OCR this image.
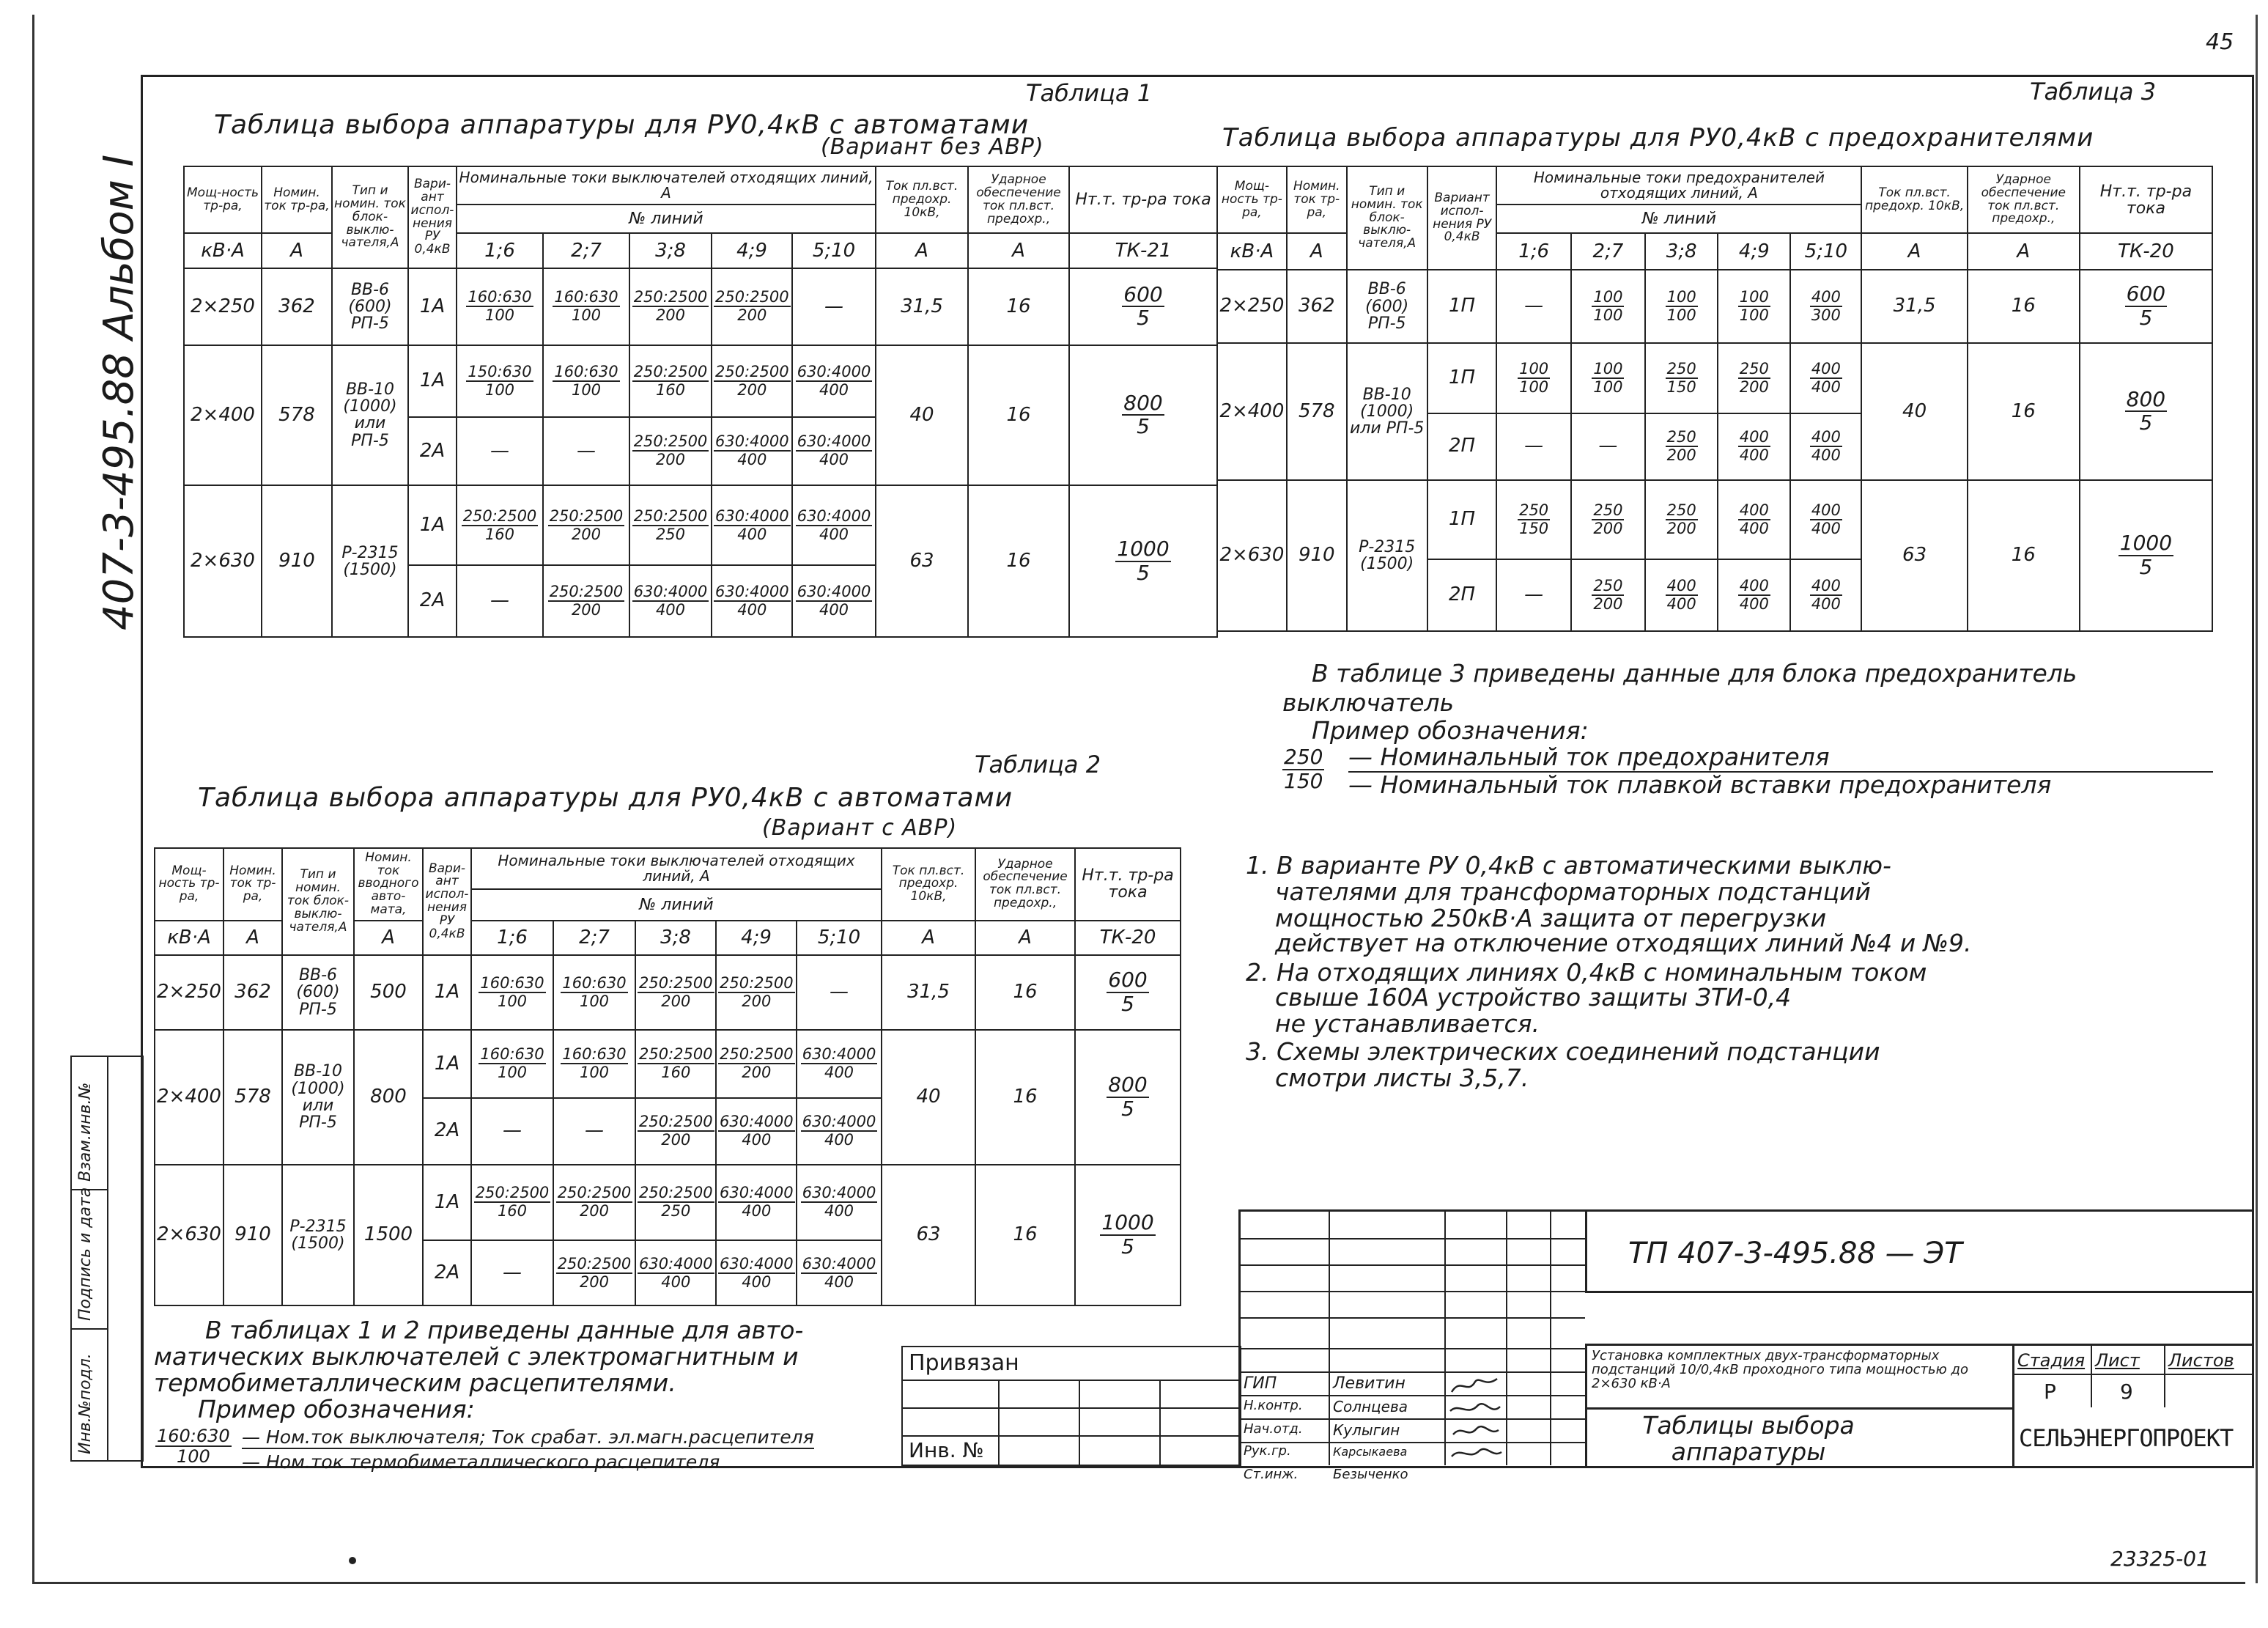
45
407-3-495.88 Альбом I
Инв.№подл.
Подпись и дата
Взам.инв.№
Таблица 1
Таблица выбора аппаратуры для РУ0,4кВ с автоматами
(Вариант без АВР)
Мощ-ность тр-ра,	Номин. ток тр-ра,	Тип и номин. ток блок-выклю-чателя,А	Вари-ант испол-нения РУ 0,4кВ	Номинальные токи выключателей отходящих линий, А					Ток пл.вст. предохр. 10кВ,	Ударное обеспечение ток пл.вст. предохр.,	Нт.т. тр-ра тока
				№ линий							
кВ·А	А			1;6	2;7	3;8	4;9	5;10	А	А	ТК-21
2×250	362	ВВ-6 (600) РП-5	1А	$\frac{160:630}{100}$	$\frac{160:630}{100}$	$\frac{250:2500}{200}$	$\frac{250:2500}{200}$	—	31,5	16	$\frac{600}{5}$

2×400	578	ВВ-10 (1000) или РП-5	1А	$\frac{150:630}{100}$	$\frac{160:630}{100}$	$\frac{250:2500}{160}$	$\frac{250:2500}{200}$	$\frac{630:4000}{400}$	40	16	$\frac{800}{5}$

			2А	—	—	$\frac{250:2500}{200}$	$\frac{630:4000}{400}$	$\frac{630:4000}{400}$

2×630	910	Р-2315 (1500)	1А	$\frac{250:2500}{160}$	$\frac{250:2500}{200}$	$\frac{250:2500}{250}$	$\frac{630:4000}{400}$	$\frac{630:4000}{400}$	63	16	$\frac{1000}{5}$

			2А	—	$\frac{250:2500}{200}$	$\frac{630:4000}{400}$	$\frac{630:4000}{400}$	$\frac{630:4000}{400}$
Таблица 3
Таблица выбора аппаратуры для РУ0,4кВ с предохранителями
Мощ-ность тр-ра,	Номин. ток тр-ра,	Тип и номин. ток блок-выклю-чателя,А	Вариант испол-нения РУ 0,4кВ	Номинальные токи предохранителей отходящих линий, А					Ток пл.вст. предохр. 10кВ,	Ударное обеспечение ток пл.вст. предохр.,	Нт.т. тр-ра тока
				№ линий							
кВ·А	А			1;6	2;7	3;8	4;9	5;10	А	А	ТК-20
2×250	362	ВВ-6 (600) РП-5	1П	—	$\frac{100}{100}$	$\frac{100}{100}$	$\frac{100}{100}$	$\frac{400}{300}$	31,5	16	$\frac{600}{5}$

2×400	578	ВВ-10 (1000) или РП-5	1П	$\frac{100}{100}$	$\frac{100}{100}$	$\frac{250}{150}$	$\frac{250}{200}$	$\frac{400}{400}$	40	16	$\frac{800}{5}$

			2П	—	—	$\frac{250}{200}$	$\frac{400}{400}$	$\frac{400}{400}$

2×630	910	Р-2315 (1500)	1П	$\frac{250}{150}$	$\frac{250}{200}$	$\frac{250}{200}$	$\frac{400}{400}$	$\frac{400}{400}$	63	16	$\frac{1000}{5}$

			2П	—	$\frac{250}{200}$	$\frac{400}{400}$	$\frac{400}{400}$	$\frac{400}{400}$
В таблице 3 приведены данные для блока предохранитель
выключатель
Пример обозначения:
$\frac{250}{150}$ — Номинальный ток предохранителя
— Номинальный ток плавкой вставки предохранителя
1. В варианте РУ 0,4кВ с автоматическими выклю-
чателями для трансформаторных подстанций
мощностью 250кВ·А защита от перегрузки
действует на отключение отходящих линий №4 и №9.
2. На отходящих линиях 0,4кВ с номинальным током
свыше 160А устройство защиты ЗТИ-0,4
не устанавливается.
3. Схемы электрических соединений подстанции
смотри листы 3,5,7.
Таблица 2
Таблица выбора аппаратуры для РУ0,4кВ с автоматами
(Вариант с АВР)
Мощ-ность тр-ра,	Номин. ток тр-ра,	Тип и номин. ток блок-выклю-чателя,А	Номин. ток вводного авто-мата,	Вари-ант испол-нения РУ 0,4кВ	Номинальные токи выключателей отходящих линий, А					Ток пл.вст. предохр. 10кВ,	Ударное обеспечение ток пл.вст. предохр.,	Нт.т. тр-ра тока
					№ линий							
кВ·А	А		А		1;6	2;7	3;8	4;9	5;10	А	А	ТК-20
2×250	362	ВВ-6 (600) РП-5	500	1А	$\frac{160:630}{100}$	$\frac{160:630}{100}$	$\frac{250:2500}{200}$	$\frac{250:2500}{200}$	—	31,5	16	$\frac{600}{5}$

2×400	578	ВВ-10 (1000) или РП-5	800	1А	$\frac{160:630}{100}$	$\frac{160:630}{100}$	$\frac{250:2500}{160}$	$\frac{250:2500}{200}$	$\frac{630:4000}{400}$	40	16	$\frac{800}{5}$

				2А	—	—	$\frac{250:2500}{200}$	$\frac{630:4000}{400}$	$\frac{630:4000}{400}$

2×630	910	Р-2315 (1500)	1500	1А	$\frac{250:2500}{160}$	$\frac{250:2500}{200}$	$\frac{250:2500}{250}$	$\frac{630:4000}{400}$	$\frac{630:4000}{400}$	63	16	$\frac{1000}{5}$

				2А	—	$\frac{250:2500}{200}$	$\frac{630:4000}{400}$	$\frac{630:4000}{400}$	$\frac{630:4000}{400}$
В таблицах 1 и 2 приведены данные для авто-
матических выключателей с электромагнитным и
термобиметаллическим расцепителями.
Пример обозначения:
$\frac{160:630}{100}$ — Ном.ток выключателя; Ток срабат. эл.магн.расцепителя
— Ном.ток термобиметаллического расцепителя
Привязан
Инв. №
ГИП	Левитин
Н.контр. Солнцева
Нач.отд. Кулыгин
Рук.гр.	Карсыкаева
Ст.инж.	Безыченко
ТП 407-3-495.88 — ЭТ
Установка комплектных двух-трансформаторных подстанций 10/0,4кВ проходного типа мощностью до 2×630 кВ·А
Стадия Лист Листов
Р	9
Таблицы выбора аппаратуры	СЕЛЬЭНЕРГОПРОЕКТ
23325-01
